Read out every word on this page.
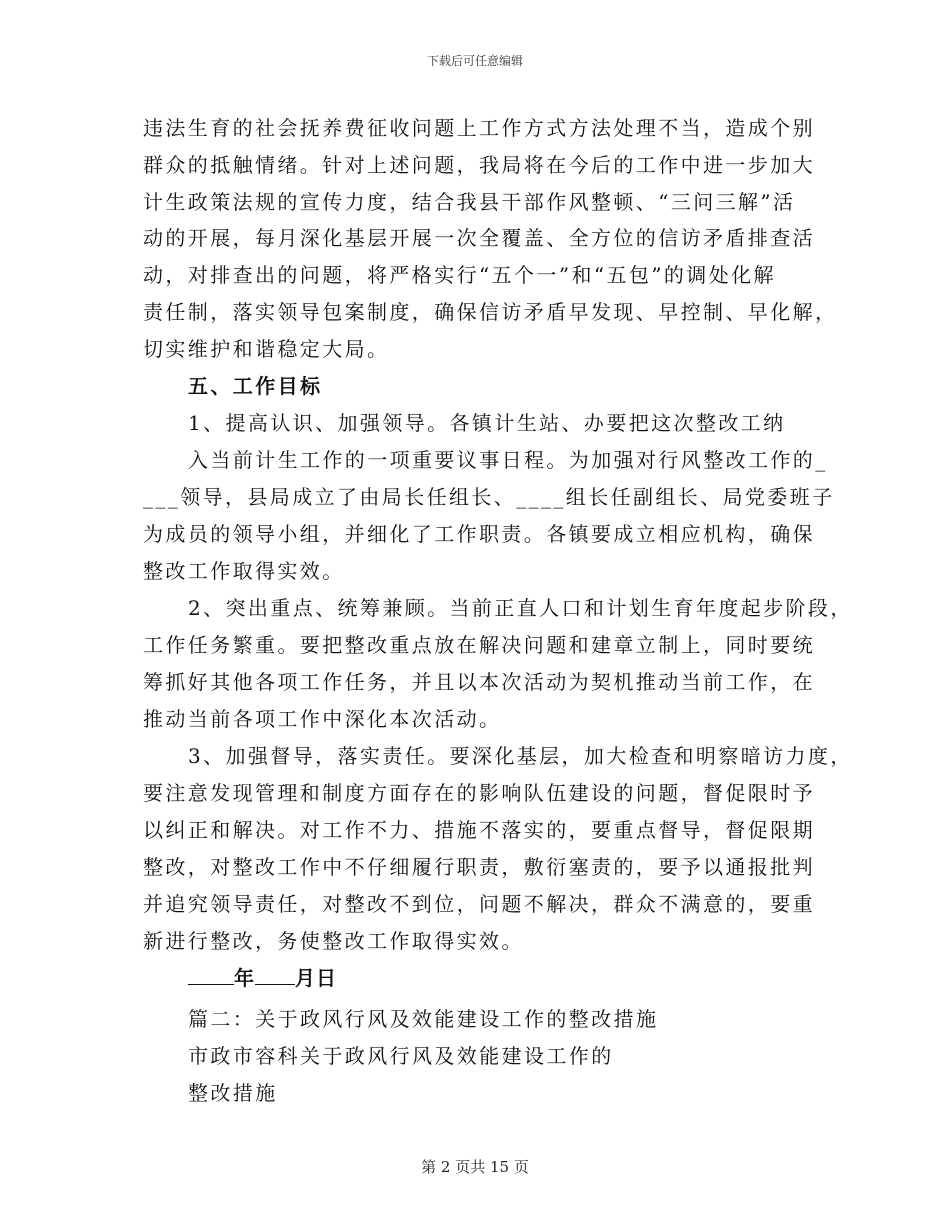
下载后可任意编辑
违法生育的社会抚养费征收问题上工作方式方法处理不当，造成个别
群众的抵触情绪。针对上述问题，我局将在今后的工作中进一步加大
计生政策法规的宣传力度，结合我县干部作风整顿、“三问三解”活
动的开展，每月深化基层开展一次全覆盖、全方位的信访矛盾排查活
动，对排查出的问题，将严格实行“五个一”和“五包”的调处化解
责任制，落实领导包案制度，确保信访矛盾早发现、早控制、早化解，
切实维护和谐稳定大局。
五、工作目标
1、提高认识、加强领导。各镇计生站、办要把这次整改工纳
入当前计生工作的一项重要议事日程。为加强对行风整改工作的_
___领导，县局成立了由局长任组长、____组长任副组长、局党委班子
为成员的领导小组，并细化了工作职责。各镇要成立相应机构，确保
整改工作取得实效。
2、突出重点、统筹兼顾。当前正直人口和计划生育年度起步阶段，
工作任务繁重。要把整改重点放在解决问题和建章立制上，同时要统
筹抓好其他各项工作任务，并且以本次活动为契机推动当前工作，在
推动当前各项工作中深化本次活动。
3、加强督导，落实责任。要深化基层，加大检查和明察暗访力度，
要注意发现管理和制度方面存在的影响队伍建设的问题，督促限时予
以纠正和解决。对工作不力、措施不落实的，要重点督导，督促限期
整改，对整改工作中不仔细履行职责，敷衍塞责的，要予以通报批判
并追究领导责任，对整改不到位，问题不解决，群众不满意的，要重
新进行整改，务使整改工作取得实效。
年 月日
篇二：关于政风行风及效能建设工作的整改措施
市政市容科关于政风行风及效能建设工作的
整改措施
第 2 页共 15 页
